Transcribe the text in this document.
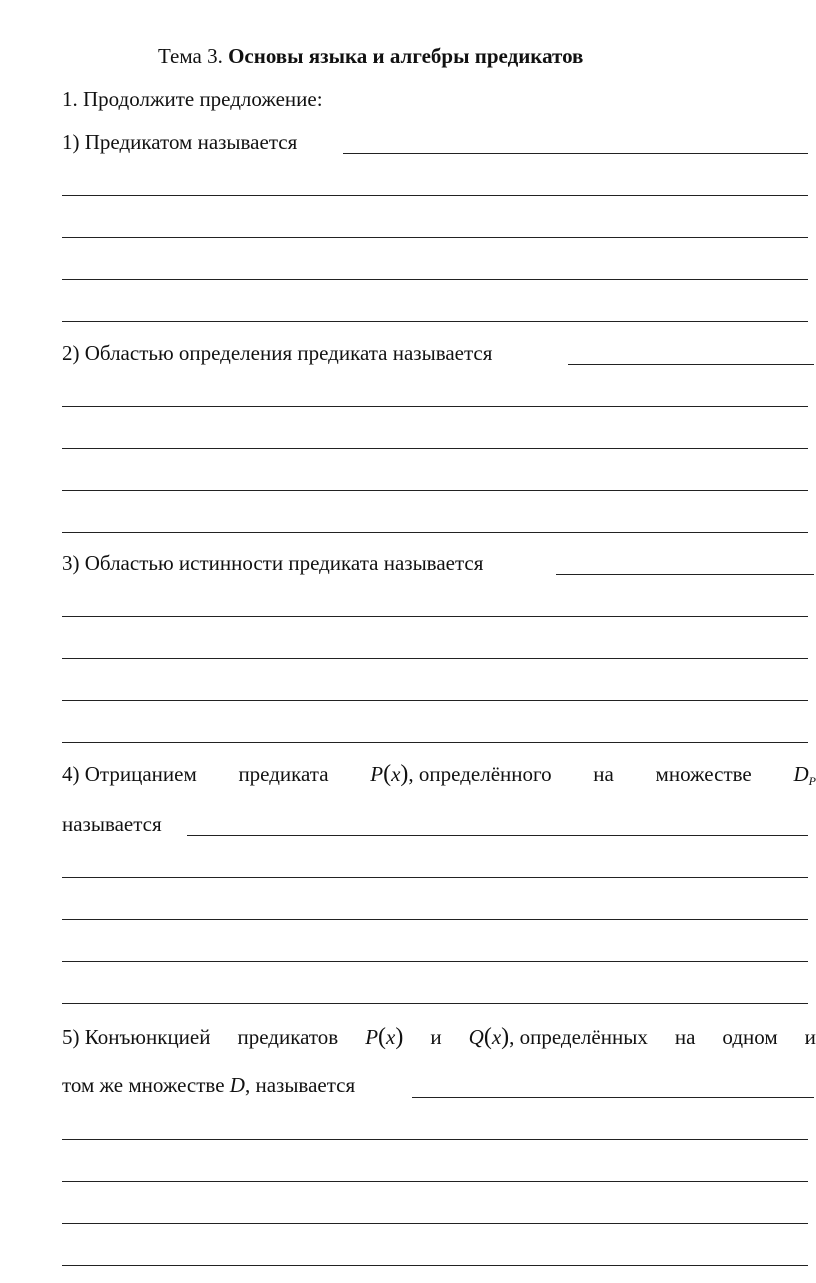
Тема 3. Основы языка и алгебры предикатов
1. Продолжите предложение:
1) Предикатом называется
2) Областью определения предиката называется
3) Областью истинности предиката называется
4) Отрицанием предиката P(x), определённого на множестве $D_P$
называется
5) Конъюнкцией предикатов P(x) и Q(x), определённых на одном и
том же множестве D, называется
